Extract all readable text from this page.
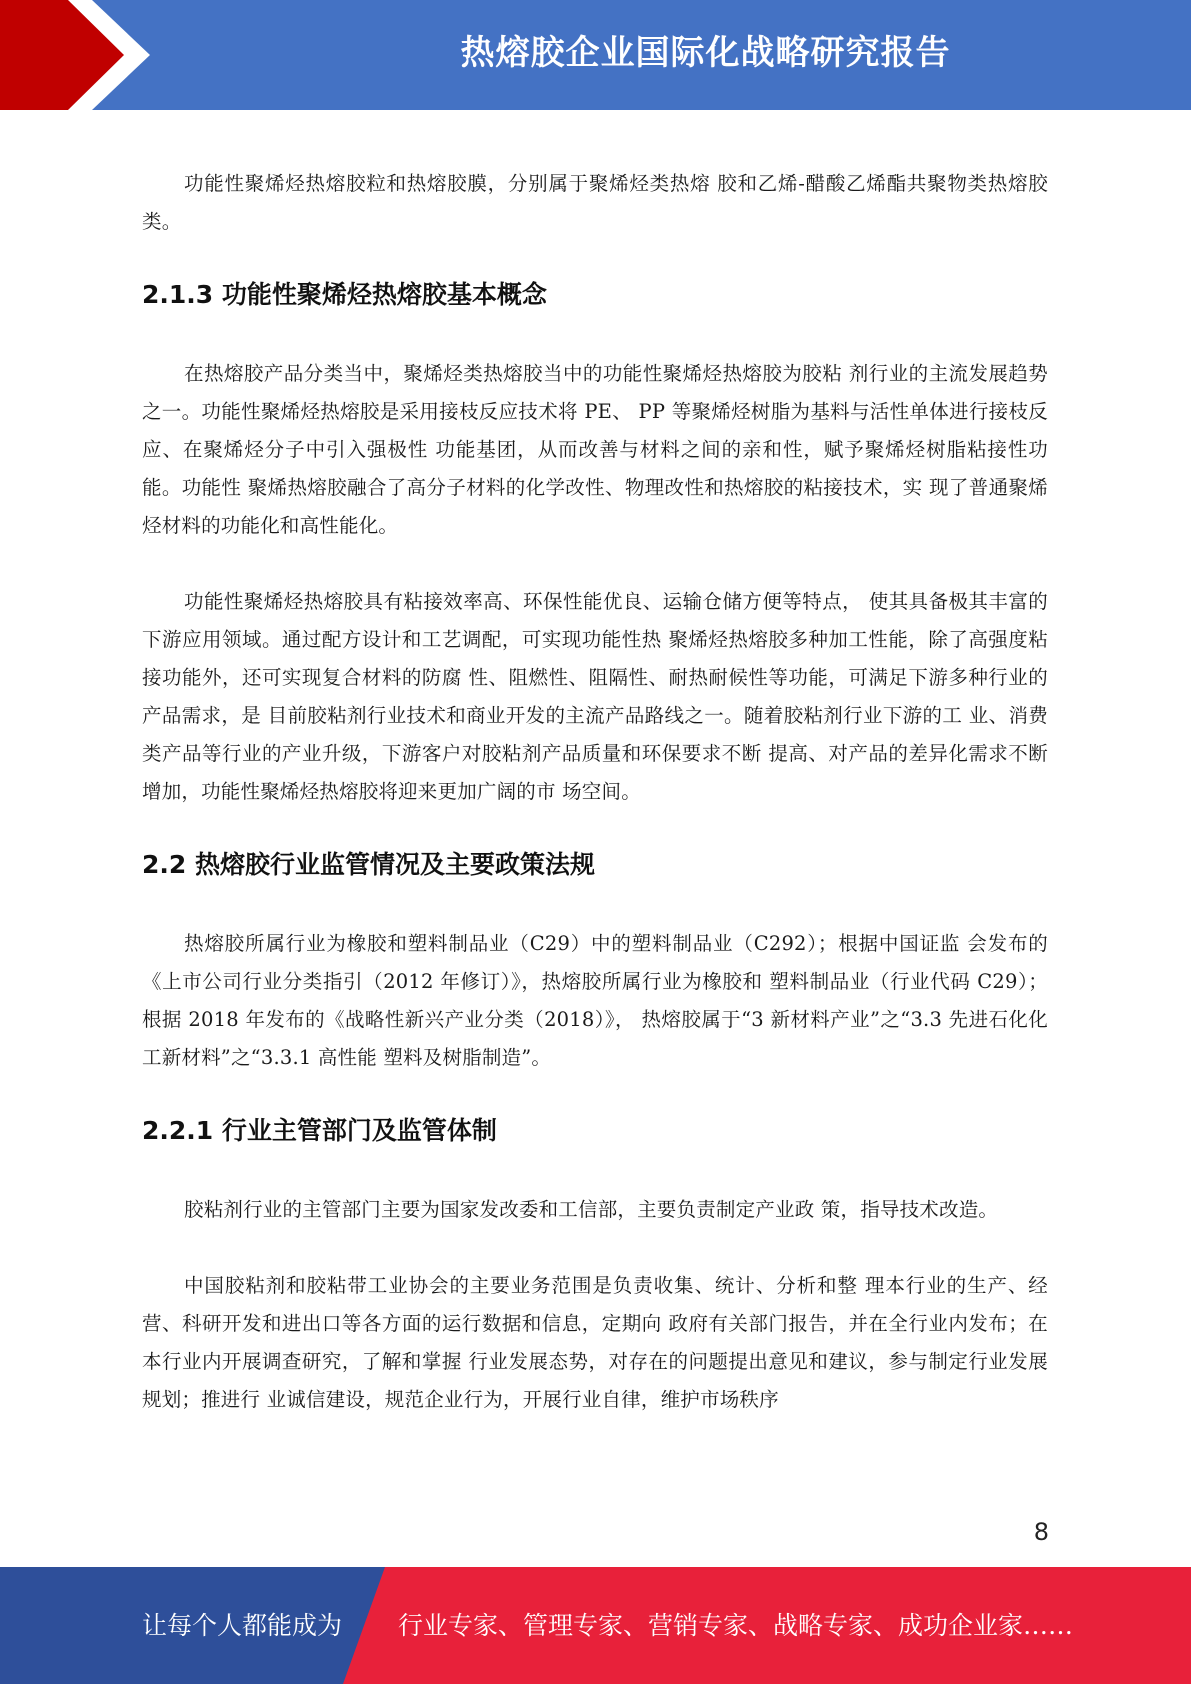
热熔胶企业国际化战略研究报告

功能性聚烯烃热熔胶粒和热熔胶膜，分别属于聚烯烃类热熔 胶和乙烯-醋酸乙烯酯共聚物类热熔胶类。

2.1.3 功能性聚烯烃热熔胶基本概念

在热熔胶产品分类当中，聚烯烃类热熔胶当中的功能性聚烯烃热熔胶为胶粘 剂行业的主流发展趋势之一。功能性聚烯烃热熔胶是采用接枝反应技术将 PE、 PP 等聚烯烃树脂为基料与活性单体进行接枝反应、在聚烯烃分子中引入强极性 功能基团，从而改善与材料之间的亲和性，赋予聚烯烃树脂粘接性功能。功能性 聚烯热熔胶融合了高分子材料的化学改性、物理改性和热熔胶的粘接技术，实 现了普通聚烯烃材料的功能化和高性能化。

功能性聚烯烃热熔胶具有粘接效率高、环保性能优良、运输仓储方便等特点， 使其具备极其丰富的下游应用领域。通过配方设计和工艺调配，可实现功能性热 聚烯烃热熔胶多种加工性能，除了高强度粘接功能外，还可实现复合材料的防腐 性、阻燃性、阻隔性、耐热耐候性等功能，可满足下游多种行业的产品需求，是 目前胶粘剂行业技术和商业开发的主流产品路线之一。随着胶粘剂行业下游的工 业、消费类产品等行业的产业升级，下游客户对胶粘剂产品质量和环保要求不断 提高、对产品的差异化需求不断增加，功能性聚烯烃热熔胶将迎来更加广阔的市 场空间。

2.2 热熔胶行业监管情况及主要政策法规

热熔胶所属行业为橡胶和塑料制品业（C29）中的塑料制品业（C292）；根据中国证监 会发布的《上市公司行业分类指引（2012 年修订）》，热熔胶所属行业为橡胶和 塑料制品业（行业代码 C29）；根据 2018 年发布的《战略性新兴产业分类（2018）》， 热熔胶属于“3 新材料产业”之“3.3 先进石化化工新材料”之“3.3.1 高性能 塑料及树脂制造”。

2.2.1 行业主管部门及监管体制

胶粘剂行业的主管部门主要为国家发改委和工信部，主要负责制定产业政 策，指导技术改造。

中国胶粘剂和胶粘带工业协会的主要业务范围是负责收集、统计、分析和整 理本行业的生产、经营、科研开发和进出口等各方面的运行数据和信息，定期向 政府有关部门报告，并在全行业内发布；在本行业内开展调查研究，了解和掌握 行业发展态势，对存在的问题提出意见和建议，参与制定行业发展规划；推进行 业诚信建设，规范企业行为，开展行业自律，维护市场秩序

8
让每个人都能成为 行业专家、管理专家、营销专家、战略专家、成功企业家……
